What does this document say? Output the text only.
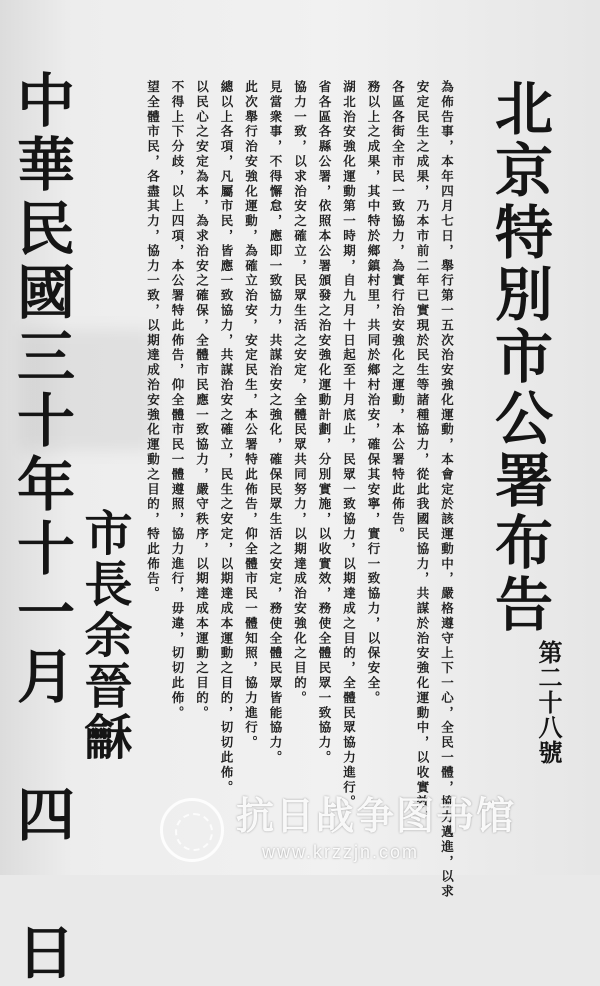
北京特別市公署布告
第二十八號
為佈告事，本年四月七日，舉行第一五次治安強化運動，本會定於該運動中，嚴格遵守上下一心，全民一體，協力邁進，以求
安定民生之成果，乃本市前二年已實現於民生等諸種協力，從此我國民協力，共謀於治安強化運動中，以收實效，
各區各街全市民一致協力，為實行治安強化之運動，本公署特此佈告。
務以上之成果，其中特於鄉鎮村里，共同於鄉村治安，確保其安寧，實行一致協力，以保安全。
湖北治安強化運動第一時期，自九月十日起至十月底止，民眾一致協力，以期達成之目的，全體民眾協力進行。
省各區各縣公署，依照本公署頒發之治安強化運動計劃，分別實施，以收實效，務使全體民眾一致協力。
協力一致，以求治安之確立，民眾生活之安定，全體民眾共同努力，以期達成治安強化之目的。
見當衆事，不得懈怠，應即一致協力，共謀治安之強化，確保民眾生活之安定，務使全體民眾皆能協力。
此次舉行治安強化運動，為確立治安，安定民生，本公署特此佈告，仰全體市民一體知照，協力進行。
總以上各項，凡屬市民，皆應一致協力，共謀治安之確立，民生之安定，以期達成本運動之目的，切切此佈。
以民心之安定為本，為求治安之確保，全體市民應一致協力，嚴守秩序，以期達成本運動之目的。
不得上下分歧，以上四項，本公署特此佈告，仰全體市民一體遵照，協力進行，毋違，切切此佈。
望全體市民，各盡其力，協力一致，以期達成治安強化運動之目的，特此佈告。
中華民國三十年十一月 四 日 市長余晉龢
抗日战争图书馆
www.krzzjn.com
